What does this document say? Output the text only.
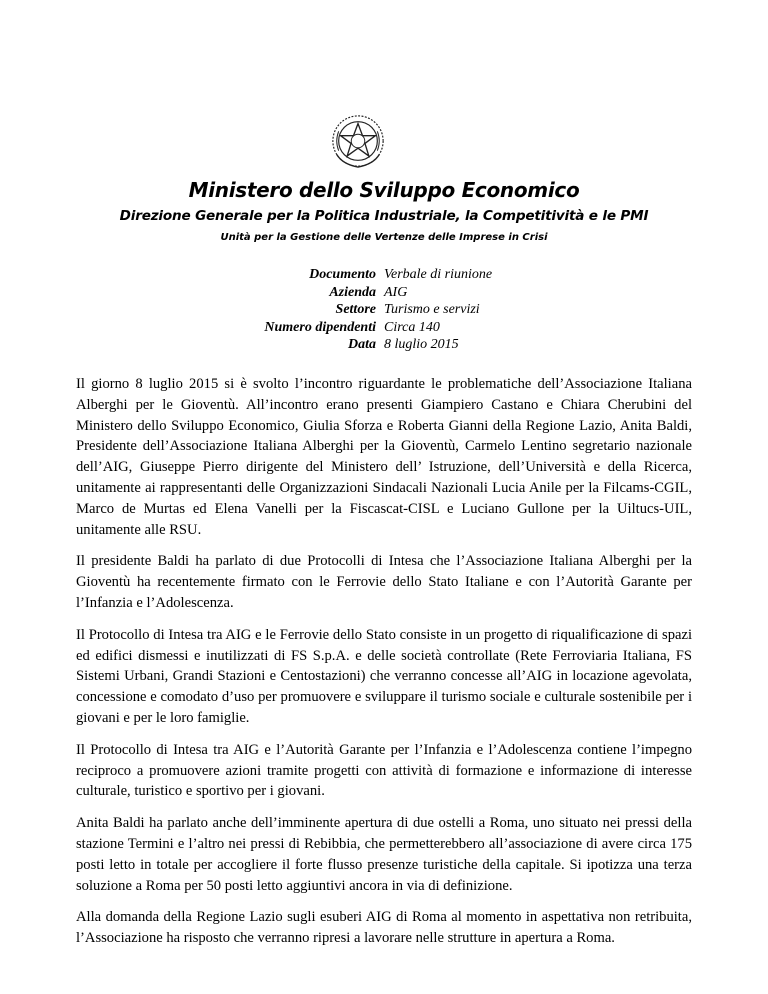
Ministero dello Sviluppo Economico
Direzione Generale per la Politica Industriale, la Competitività e le PMI
Unità per la Gestione delle Vertenze delle Imprese in Crisi
Documento Verbale di riunione
Azienda AIG
Settore Turismo e servizi
Numero dipendenti Circa 140
Data 8 luglio 2015

Il giorno 8 luglio 2015 si è svolto l’incontro riguardante le problematiche dell’Associazione Italiana Alberghi per le Gioventù. All’incontro erano presenti Giampiero Castano e Chiara Cherubini del Ministero dello Sviluppo Economico, Giulia Sforza e Roberta Gianni della Regione Lazio, Anita Baldi, Presidente dell’Associazione Italiana Alberghi per la Gioventù, Carmelo Lentino segretario nazionale dell’AIG, Giuseppe Pierro dirigente del Ministero dell’ Istruzione, dell’Università e della Ricerca, unitamente ai rappresentanti delle Organizzazioni Sindacali Nazionali Lucia Anile per la Filcams-CGIL, Marco de Murtas ed Elena Vanelli per la Fiscascat-CISL e Luciano Gullone per la Uiltucs-UIL, unitamente alle RSU.

Il presidente Baldi ha parlato di due Protocolli di Intesa che l’Associazione Italiana Alberghi per la Gioventù ha recentemente firmato con le Ferrovie dello Stato Italiane e con l’Autorità Garante per l’Infanzia e l’Adolescenza.

Il Protocollo di Intesa tra AIG e le Ferrovie dello Stato consiste in un progetto di riqualificazione di spazi ed edifici dismessi e inutilizzati di FS S.p.A. e delle società controllate (Rete Ferroviaria Italiana, FS Sistemi Urbani, Grandi Stazioni e Centostazioni) che verranno concesse all’AIG in locazione agevolata, concessione e comodato d’uso per promuovere e sviluppare il turismo sociale e culturale sostenibile per i giovani e per le loro famiglie.

Il Protocollo di Intesa tra AIG e l’Autorità Garante per l’Infanzia e l’Adolescenza contiene l’impegno reciproco a promuovere azioni tramite progetti con attività di formazione e informazione di interesse culturale, turistico e sportivo per i giovani.

Anita Baldi ha parlato anche dell’imminente apertura di due ostelli a Roma, uno situato nei pressi della stazione Termini e l’altro nei pressi di Rebibbia, che permetterebbero all’associazione di avere circa 175 posti letto in totale per accogliere il forte flusso presenze turistiche della capitale. Si ipotizza una terza soluzione a Roma per 50 posti letto aggiuntivi ancora in via di definizione.

Alla domanda della Regione Lazio sugli esuberi AIG di Roma al momento in aspettativa non retribuita, l’Associazione ha risposto che verranno ripresi a lavorare nelle strutture in apertura a Roma.
